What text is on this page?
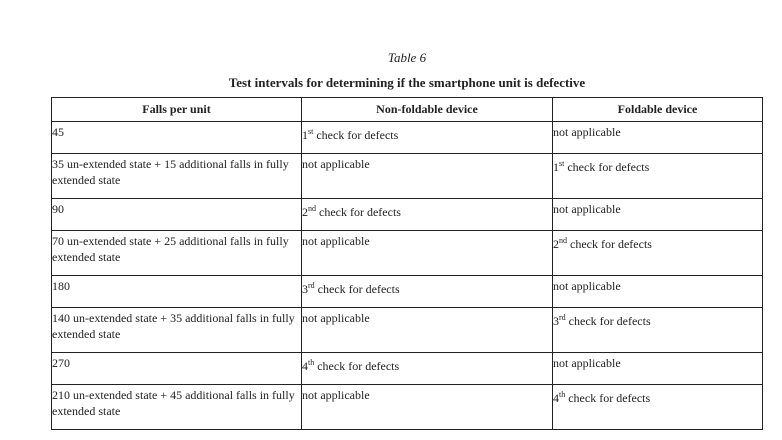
Table 6
Test intervals for determining if the smartphone unit is defective
Falls per unit	Non-foldable device	Foldable device
45	1st check for defects	not applicable
35 un-extended state + 15 additional falls in fully extended state	not applicable	1st check for defects
90	2nd check for defects	not applicable
70 un-extended state + 25 additional falls in fully extended state	not applicable	2nd check for defects
180	3rd check for defects	not applicable
140 un-extended state + 35 additional falls in fully extended state	not applicable	3rd check for defects
270	4th check for defects	not applicable
210 un-extended state + 45 additional falls in fully extended state	not applicable	4th check for defects
